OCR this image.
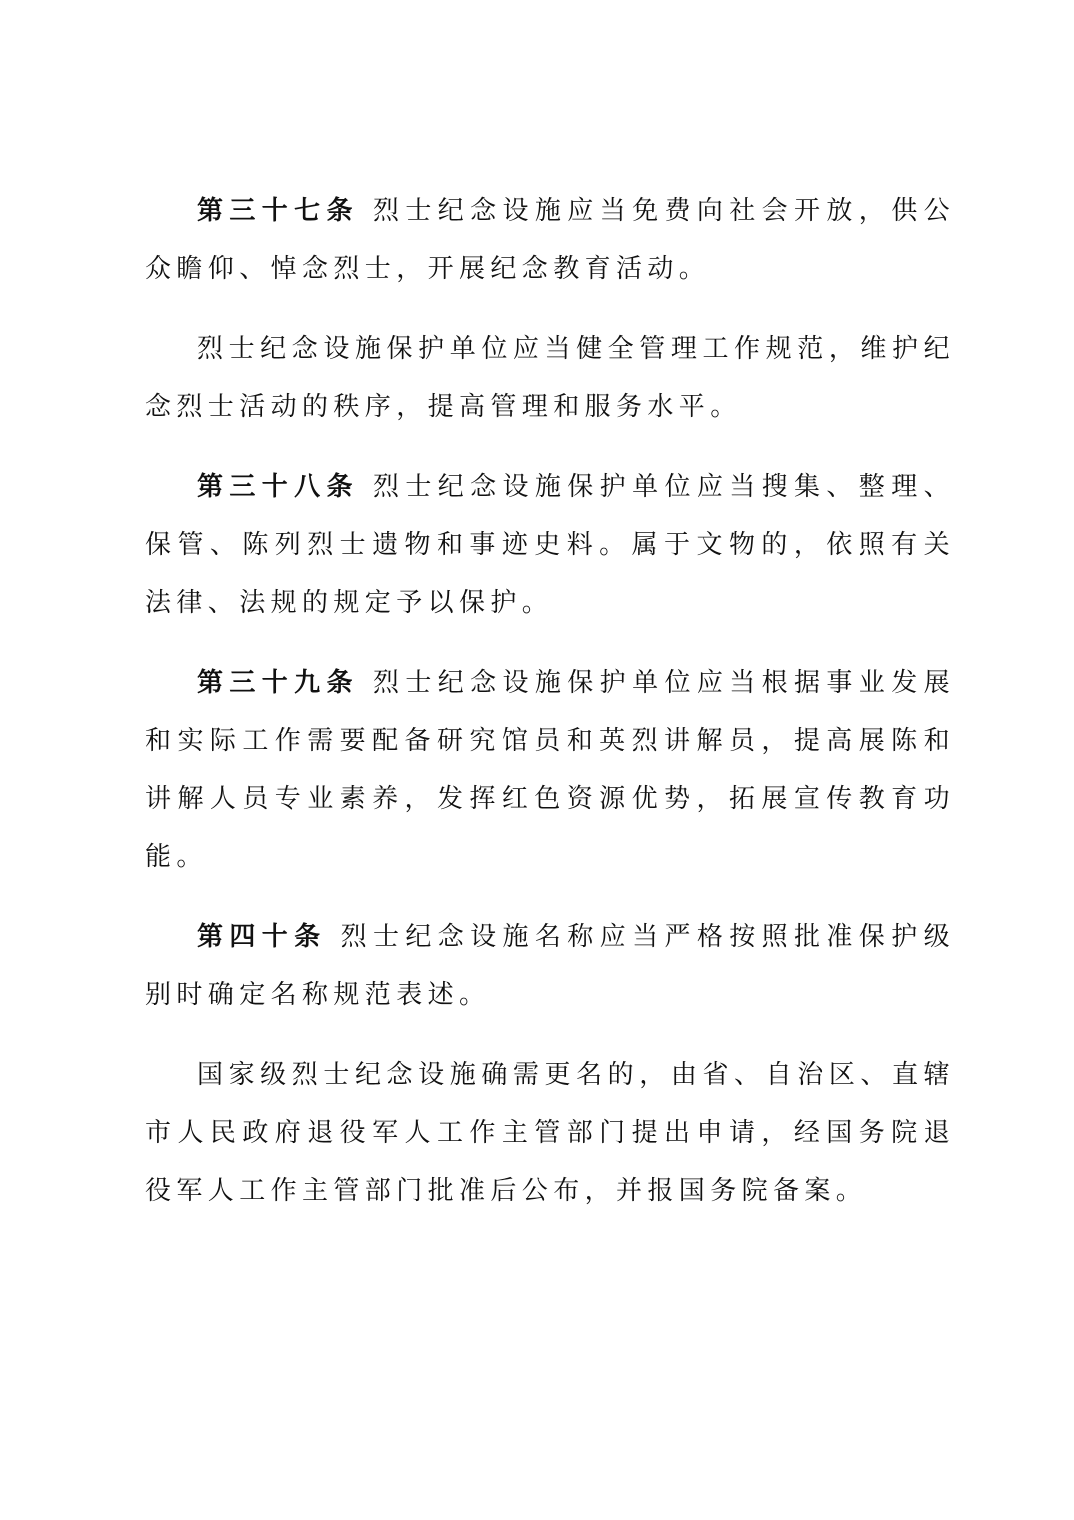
第三十七条 烈士纪念设施应当免费向社会开放，供公众瞻仰、悼念烈士，开展纪念教育活动。

烈士纪念设施保护单位应当健全管理工作规范，维护纪念烈士活动的秩序，提高管理和服务水平。

第三十八条 烈士纪念设施保护单位应当搜集、整理、保管、陈列烈士遗物和事迹史料。属于文物的，依照有关法律、法规的规定予以保护。

第三十九条 烈士纪念设施保护单位应当根据事业发展和实际工作需要配备研究馆员和英烈讲解员，提高展陈和讲解人员专业素养，发挥红色资源优势，拓展宣传教育功能。

第四十条 烈士纪念设施名称应当严格按照批准保护级别时确定名称规范表述。

国家级烈士纪念设施确需更名的，由省、自治区、直辖市人民政府退役军人工作主管部门提出申请，经国务院退役军人工作主管部门批准后公布，并报国务院备案。
